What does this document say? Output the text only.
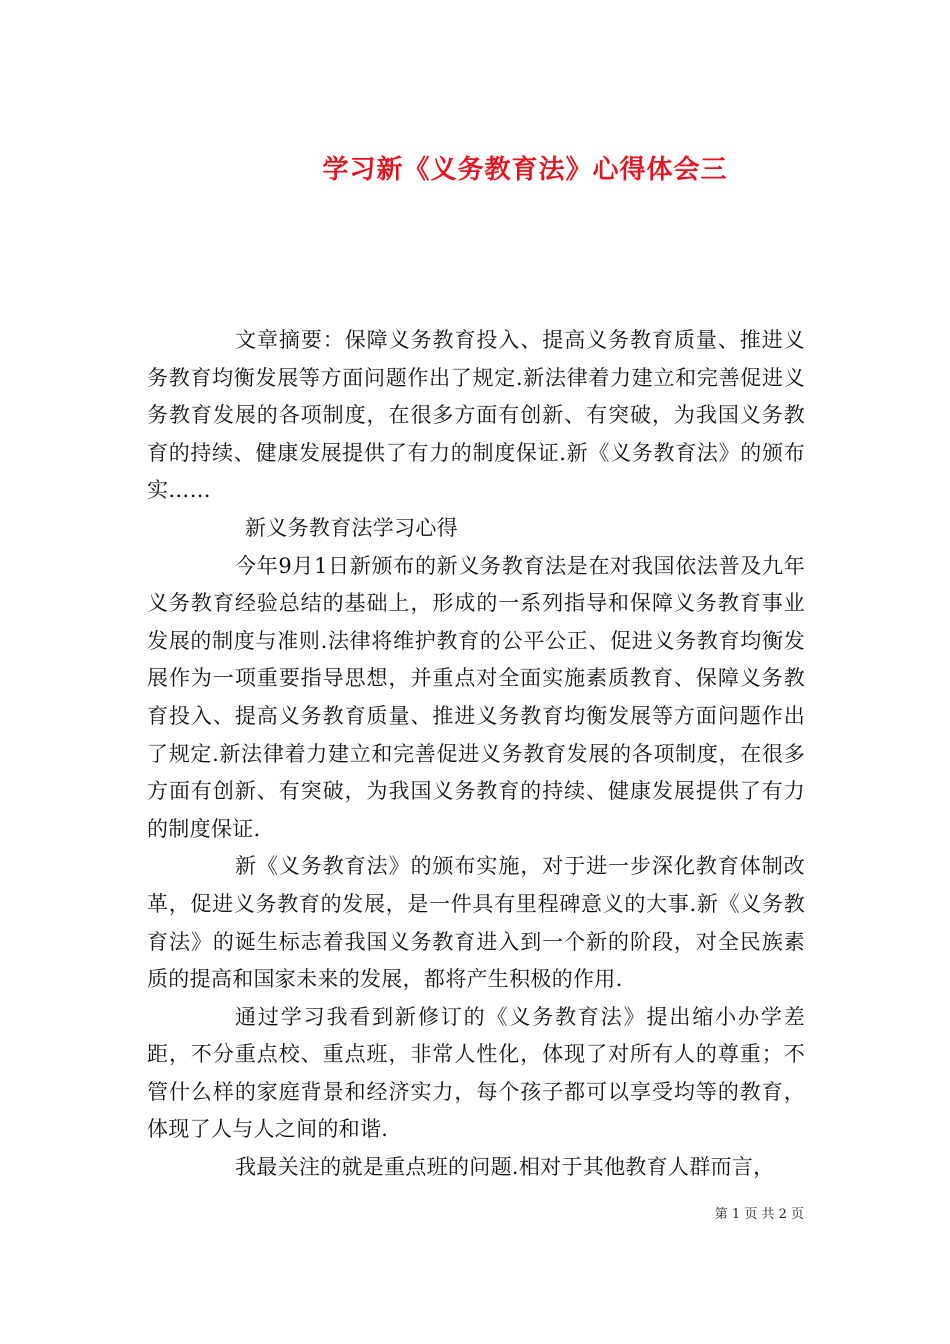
学习新《义务教育法》心得体会三

文章摘要：保障义务教育投入、提高义务教育质量、推进义务教育均衡发展等方面问题作出了规定.新法律着力建立和完善促进义务教育发展的各项制度，在很多方面有创新、有突破，为我国义务教育的持续、健康发展提供了有力的制度保证.新《义务教育法》的颁布实……

新义务教育法学习心得

今年9月1日新颁布的新义务教育法是在对我国依法普及九年义务教育经验总结的基础上，形成的一系列指导和保障义务教育事业发展的制度与准则.法律将维护教育的公平公正、促进义务教育均衡发展作为一项重要指导思想，并重点对全面实施素质教育、保障义务教育投入、提高义务教育质量、推进义务教育均衡发展等方面问题作出了规定.新法律着力建立和完善促进义务教育发展的各项制度，在很多方面有创新、有突破，为我国义务教育的持续、健康发展提供了有力的制度保证.

新《义务教育法》的颁布实施，对于进一步深化教育体制改革，促进义务教育的发展，是一件具有里程碑意义的大事.新《义务教育法》的诞生标志着我国义务教育进入到一个新的阶段，对全民族素质的提高和国家未来的发展，都将产生积极的作用.

通过学习我看到新修订的《义务教育法》提出缩小办学差距，不分重点校、重点班，非常人性化，体现了对所有人的尊重；不管什么样的家庭背景和经济实力，每个孩子都可以享受均等的教育，体现了人与人之间的和谐.

我最关注的就是重点班的问题.相对于其他教育人群而言，

第 1 页 共 2 页
